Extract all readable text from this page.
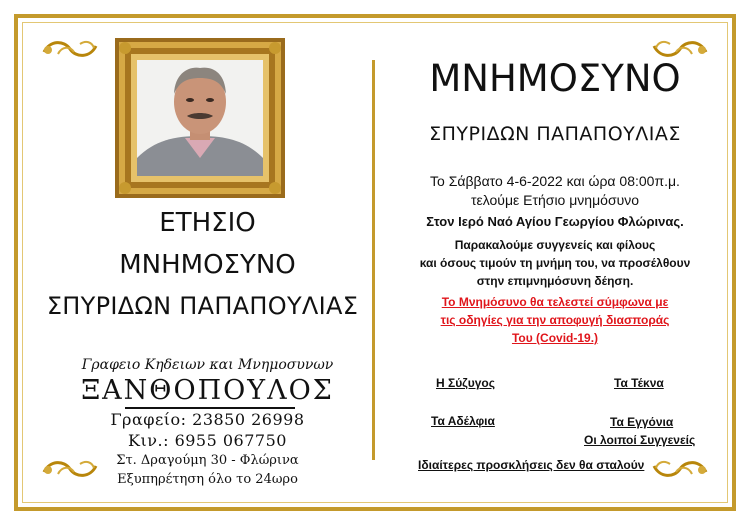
ΕΤΗΣΙΟ
ΜΝΗΜΟΣΥΝΟ
ΣΠΥΡΙΔΩΝ ΠΑΠΑΠΟΥΛΙΑΣ
Γραφειο Κηδειων και Μνημοσυνων
ΞΑΝΘΟΠΟΥΛΟΣ
Γραφείο: 23850 26998
Κιν.: 6955 067750
Στ. Δραγούμη 30 - Φλώρινα
Εξυπηρέτηση όλο το 24ωρο
ΜΝΗΜΟΣΥΝΟ
ΣΠΥΡΙΔΩΝ ΠΑΠΑΠΟΥΛΙΑΣ
Το Σάββατο 4-6-2022 και ώρα 08:00π.μ.
τελούμε Ετήσιο μνημόσυνο
Στον Ιερό Ναό Αγίου Γεωργίου Φλώρινας.
Παρακαλούμε συγγενείς και φίλους
και όσους τιμούν τη μνήμη του, να προσέλθουν
στην επιμνημόσυνη δέηση.
Το Μνημόσυνο θα τελεστεί σύμφωνα με
τις οδηγίες για την αποφυγή διασποράς
Του (Covid-19.)
Η Σύζυγος	Τα Τέκνα
Τα Αδέλφια	Τα Εγγόνια
Οι λοιποί Συγγενείς
Ιδιαίτερες προσκλήσεις δεν θα σταλούν
